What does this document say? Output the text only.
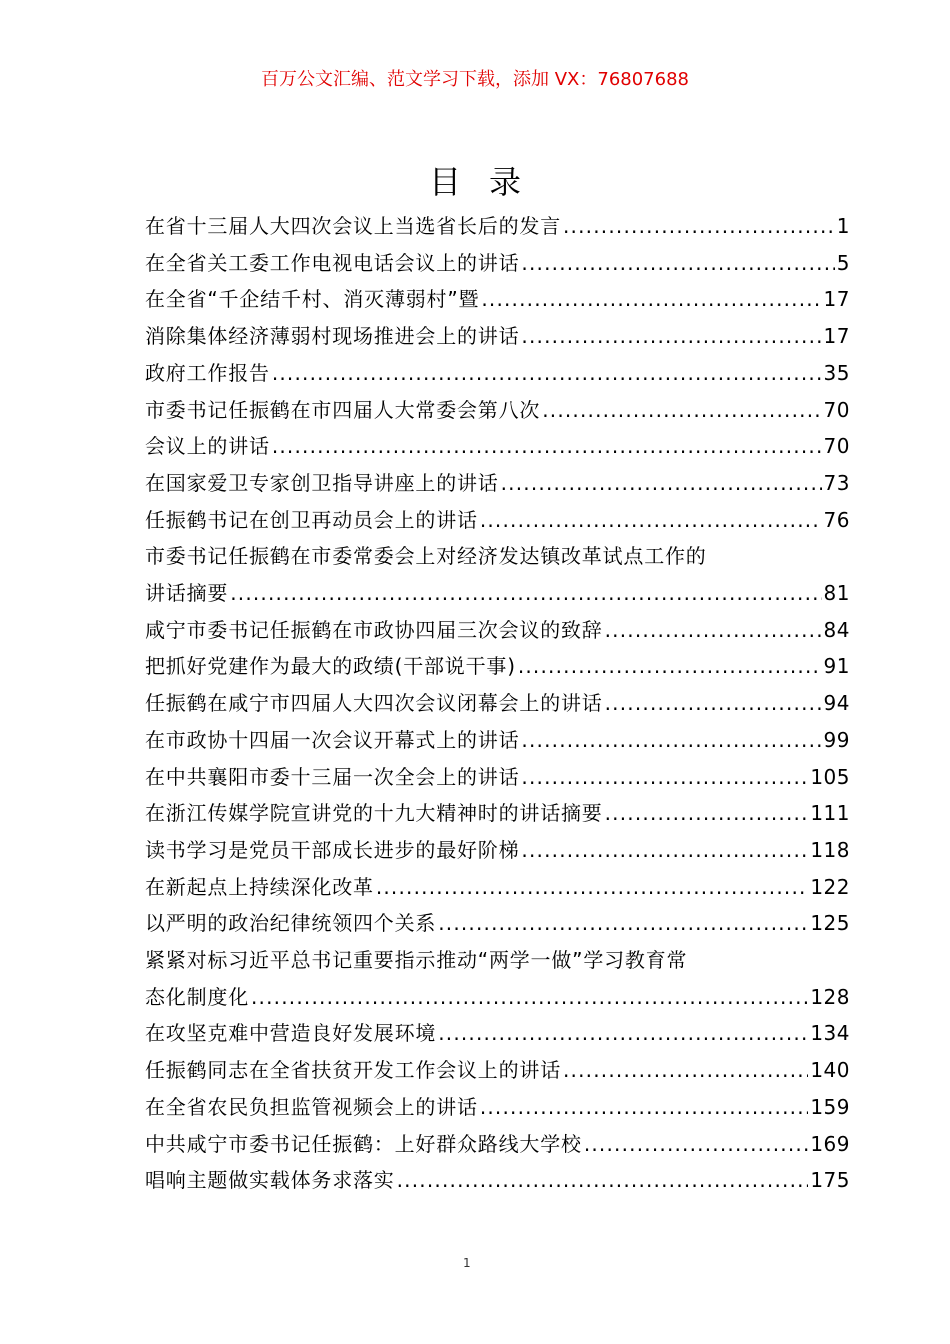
百万公文汇编、范文学习下载，添加 VX：76807688
目录
在省十三届人大四次会议上当选省长后的发言 .....	1
在全省关工委工作电视电话会议上的讲话 .....	5
在全省“千企结千村、消灭薄弱村”暨 .....	17
消除集体经济薄弱村现场推进会上的讲话 .....	17
政府工作报告 .....	35
市委书记任振鹤在市四届人大常委会第八次 .....	70
会议上的讲话 .....	70
在国家爱卫专家创卫指导讲座上的讲话 .....	73
任振鹤书记在创卫再动员会上的讲话 .....	76
市委书记任振鹤在市委常委会上对经济发达镇改革试点工作的
讲话摘要 .....	81
咸宁市委书记任振鹤在市政协四届三次会议的致辞 .....	84
把抓好党建作为最大的政绩(干部说干事) .....	91
任振鹤在咸宁市四届人大四次会议闭幕会上的讲话 .....	94
在市政协十四届一次会议开幕式上的讲话 .....	99
在中共襄阳市委十三届一次全会上的讲话 .....	105
在浙江传媒学院宣讲党的十九大精神时的讲话摘要 .....	111
读书学习是党员干部成长进步的最好阶梯 .....	118
在新起点上持续深化改革 .....	122
以严明的政治纪律统领四个关系 .....	125
紧紧对标习近平总书记重要指示推动“两学一做”学习教育常
态化制度化 .....	128
在攻坚克难中营造良好发展环境 .....	134
任振鹤同志在全省扶贫开发工作会议上的讲话 .....	140
在全省农民负担监管视频会上的讲话 .....	159
中共咸宁市委书记任振鹤：上好群众路线大学校 .....	169
唱响主题做实载体务求落实 .....	175
1
